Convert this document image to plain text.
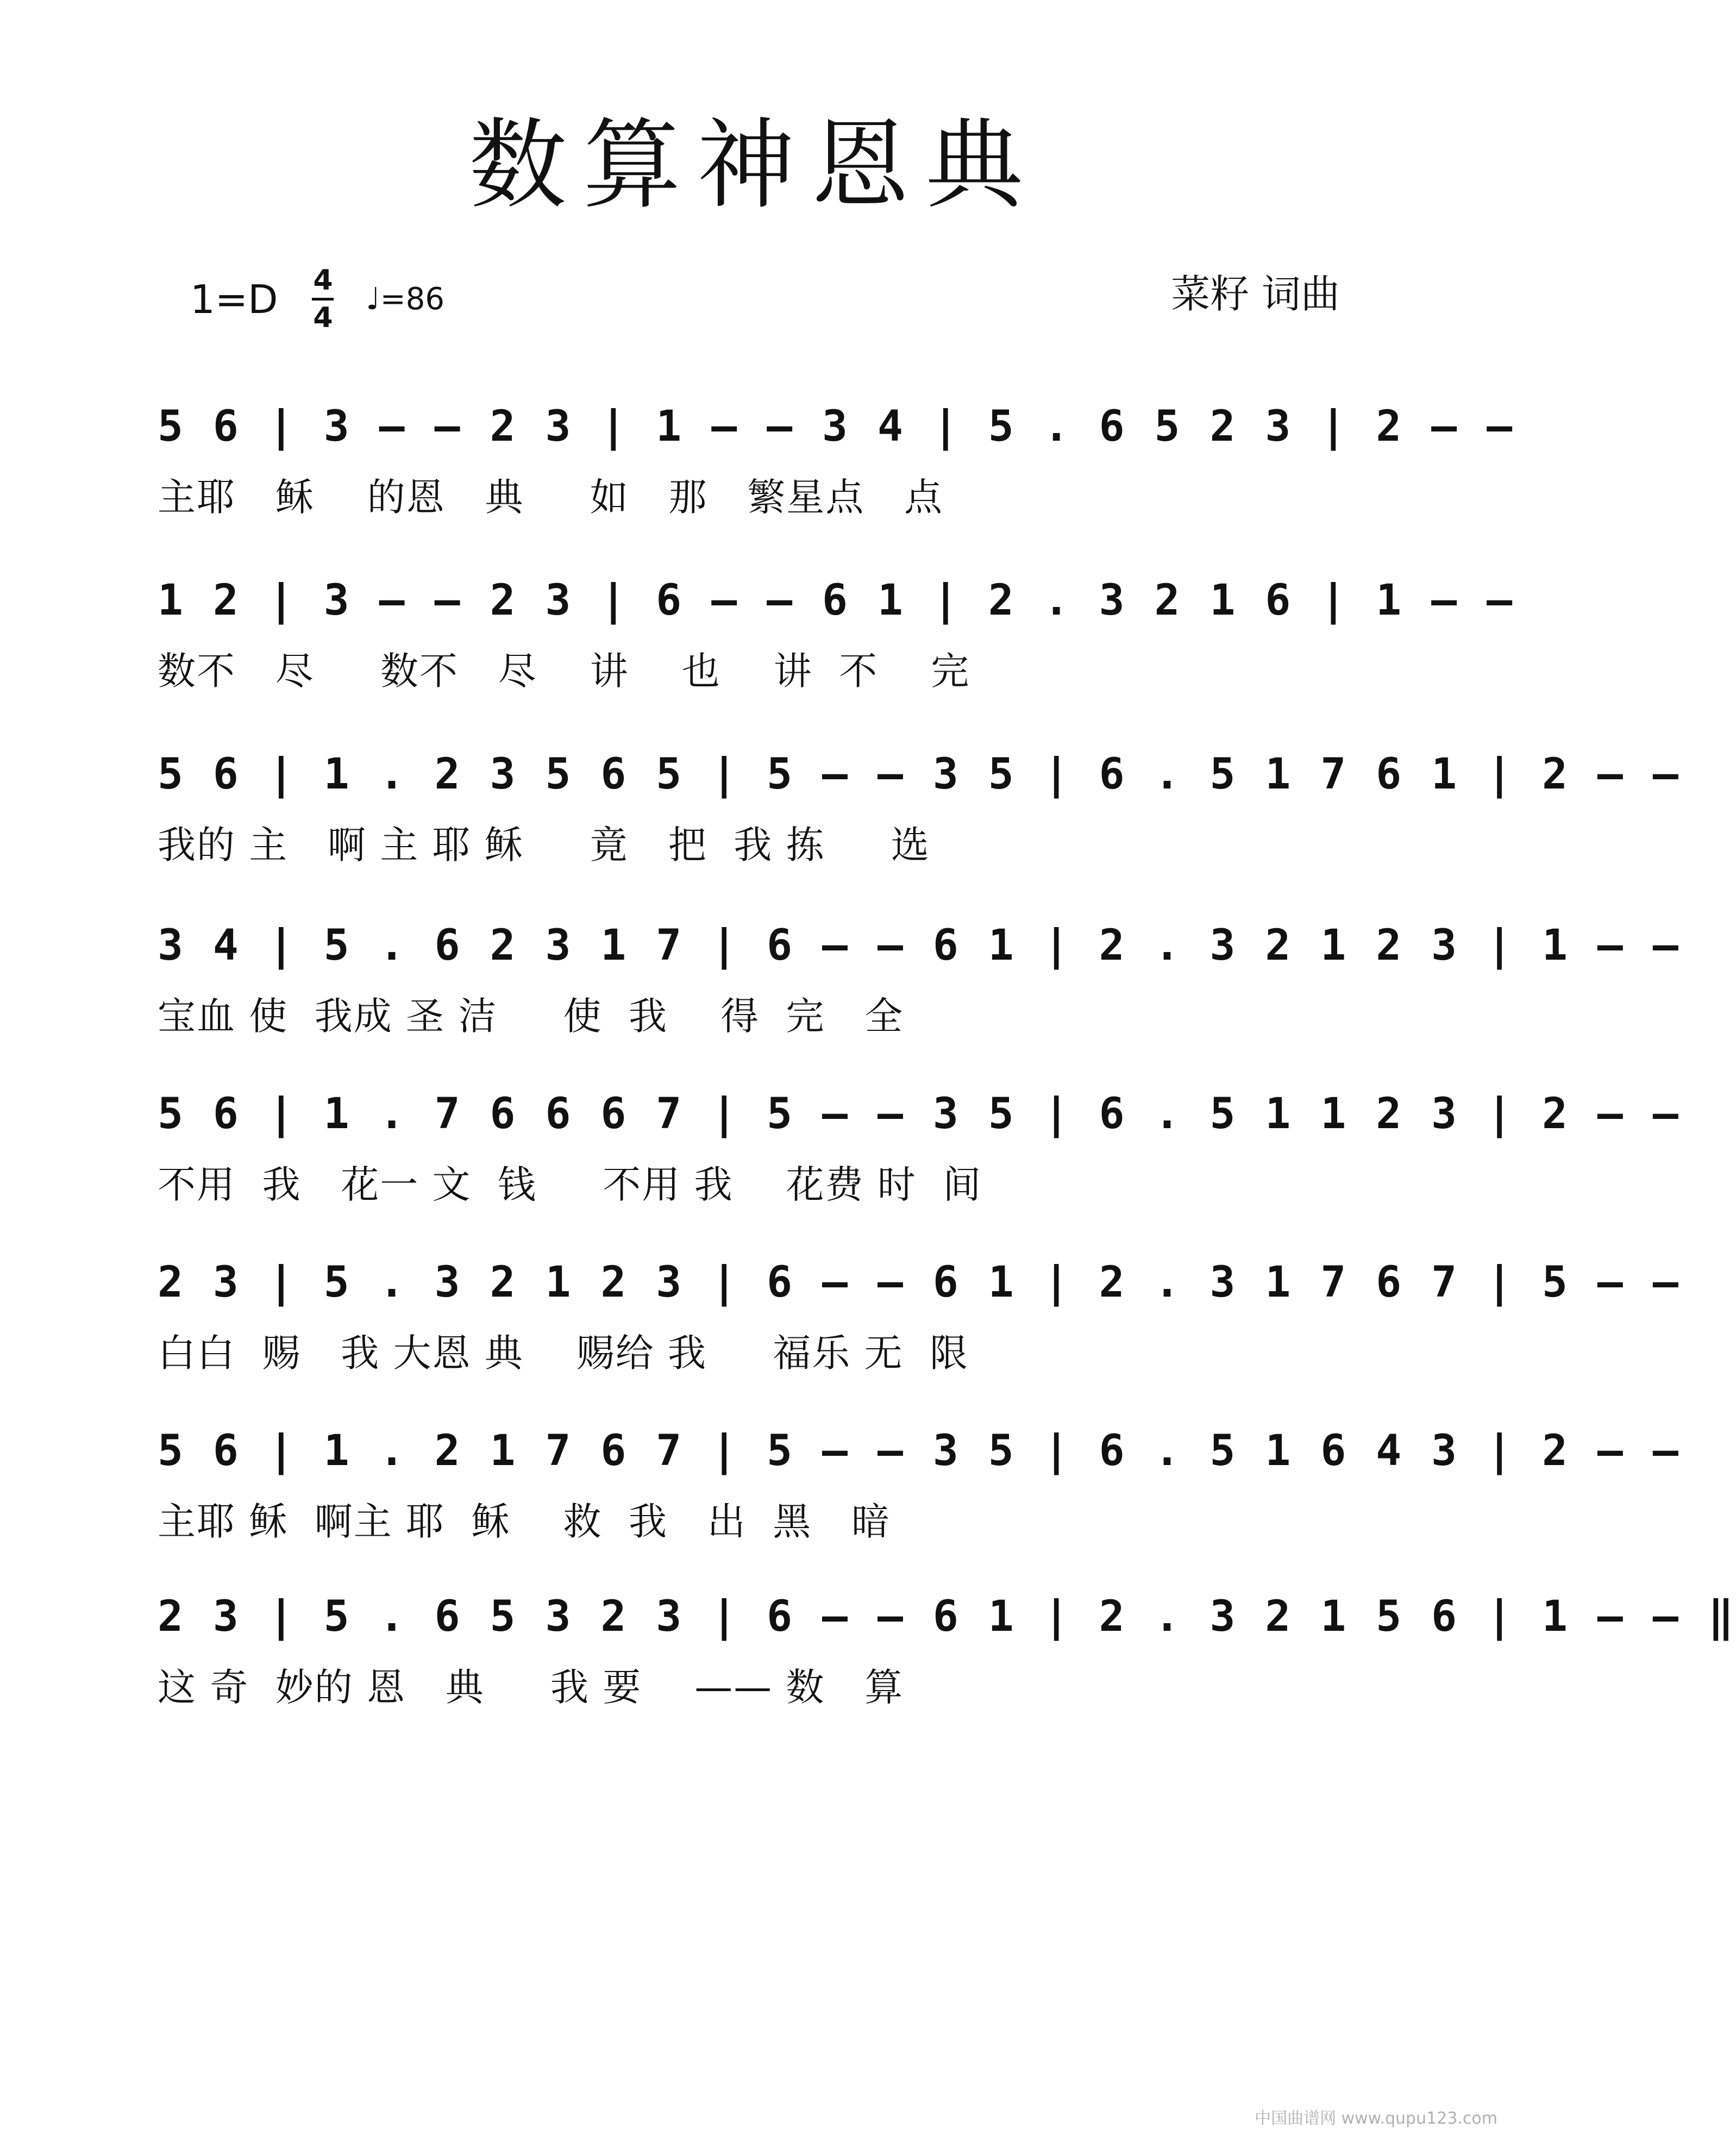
数算神恩典
1=D 4
4
♩=86	菜籽 词曲
5 6 | 3 – – 2 3 | 1 – – 3 4 | 5 . 6 5 2 3 | 2 – –
主耶   稣    的恩   典     如   那   繁星点   点
1 2 | 3 – – 2 3 | 6 – – 6 1 | 2 . 3 2 1 6 | 1 – –
数不   尽     数不   尽    讲    也    讲  不    完
5 6 | 1 . 2 3 5 6 5 | 5 – – 3 5 | 6 . 5 1 7 6 1 | 2 – –
我的 主   啊 主 耶 稣     竟   把  我 拣     选
3 4 | 5 . 6 2 3 1 7 | 6 – – 6 1 | 2 . 3 2 1 2 3 | 1 – –
宝血 使  我成 圣 洁     使  我    得  完   全
5 6 | 1 . 7 6 6 6 7 | 5 – – 3 5 | 6 . 5 1 1 2 3 | 2 – –
不用  我   花一 文  钱     不用 我    花费 时  间
2 3 | 5 . 3 2 1 2 3 | 6 – – 6 1 | 2 . 3 1 7 6 7 | 5 – –
白白  赐   我 大恩 典    赐给 我     福乐 无  限
5 6 | 1 . 2 1 7 6 7 | 5 – – 3 5 | 6 . 5 1 6 4 3 | 2 – –
主耶 稣  啊主 耶  稣    救  我   出  黑   暗
2 3 | 5 . 6 5 3 2 3 | 6 – – 6 1 | 2 . 3 2 1 5 6 | 1 – – ‖
这 奇  妙的 恩   典     我 要    —— 数   算
中国曲谱网 www.qupu123.com
